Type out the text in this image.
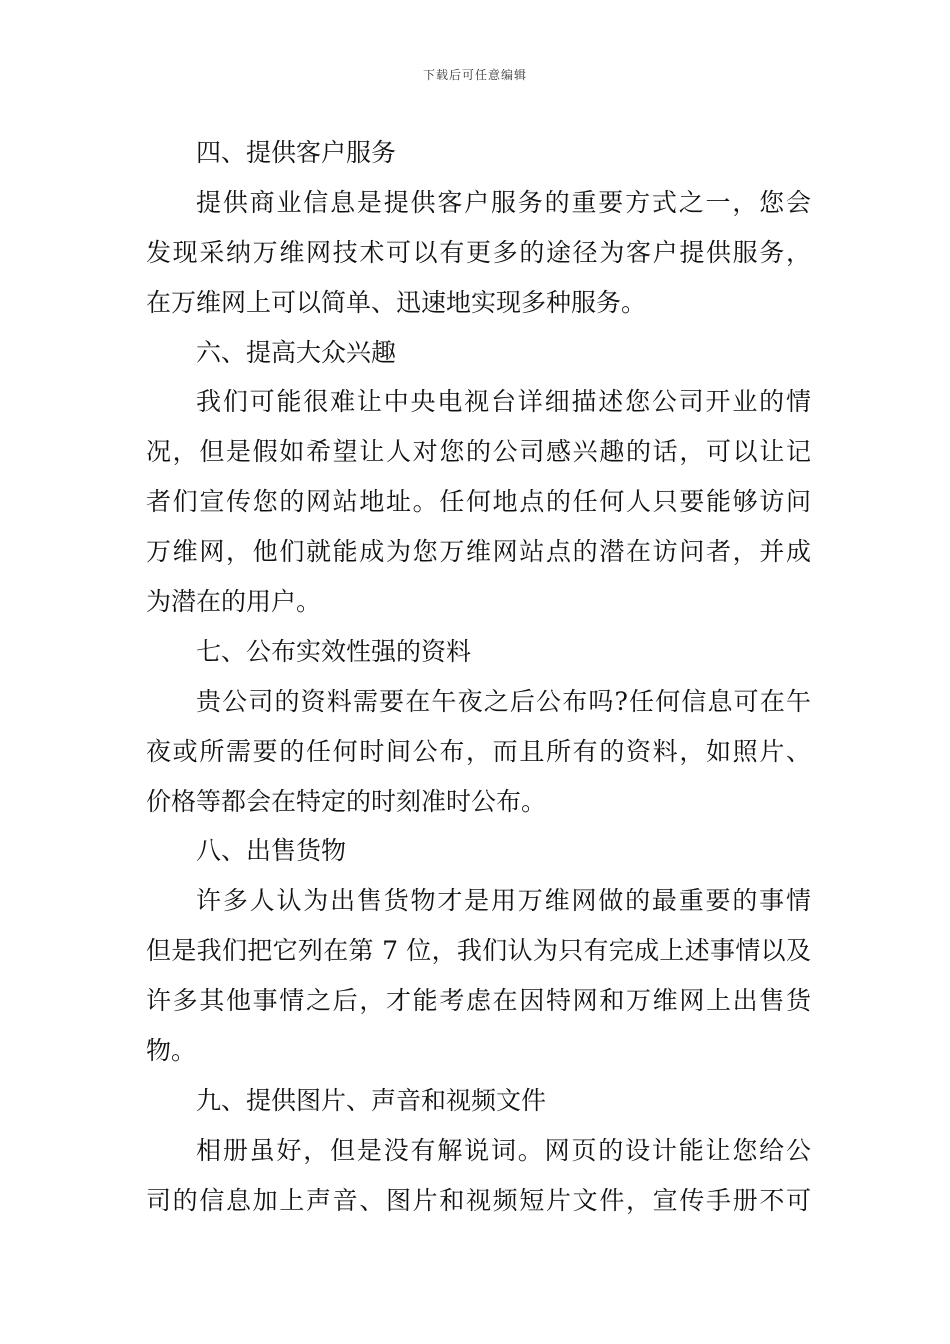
下载后可任意编辑
四、提供客户服务
提供商业信息是提供客户服务的重要方式之一，您会
发现采纳万维网技术可以有更多的途径为客户提供服务，
在万维网上可以简单、迅速地实现多种服务。
六、提高大众兴趣
我们可能很难让中央电视台详细描述您公司开业的情
况，但是假如希望让人对您的公司感兴趣的话，可以让记
者们宣传您的网站地址。任何地点的任何人只要能够访问
万维网，他们就能成为您万维网站点的潜在访问者，并成
为潜在的用户。
七、公布实效性强的资料
贵公司的资料需要在午夜之后公布吗?任何信息可在午
夜或所需要的任何时间公布，而且所有的资料，如照片、
价格等都会在特定的时刻准时公布。
八、出售货物
许多人认为出售货物才是用万维网做的最重要的事情
但是我们把它列在第 7 位，我们认为只有完成上述事情以及
许多其他事情之后，才能考虑在因特网和万维网上出售货
物。
九、提供图片、声音和视频文件
相册虽好，但是没有解说词。网页的设计能让您给公
司的信息加上声音、图片和视频短片文件，宣传手册不可
